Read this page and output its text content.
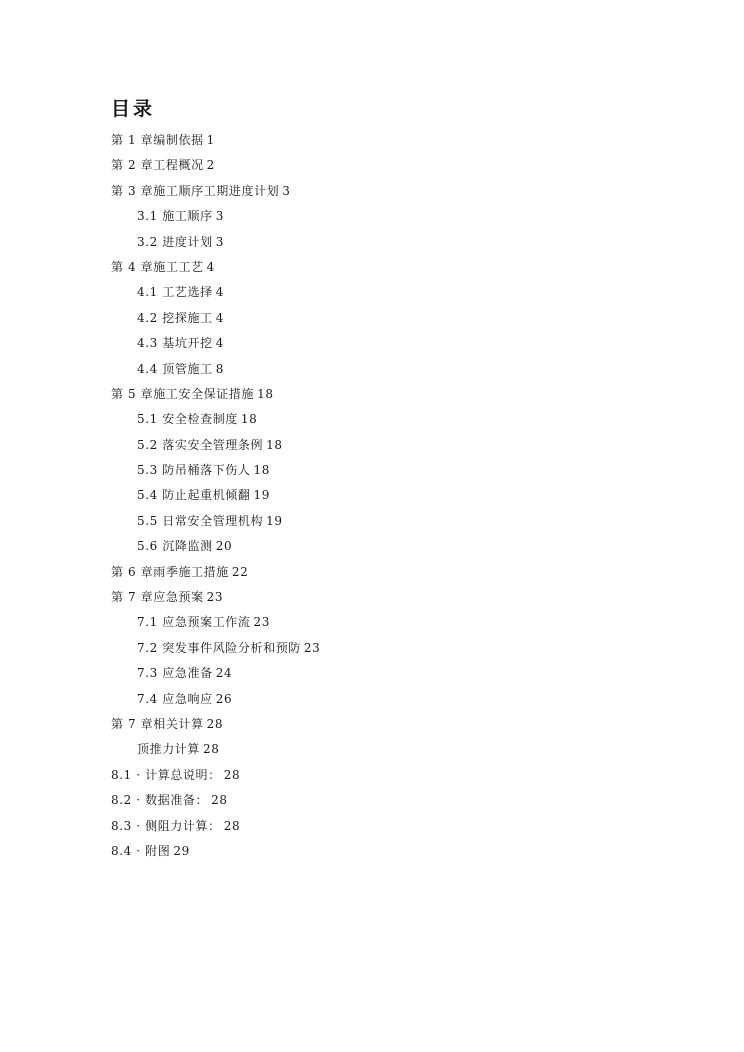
目录
第 1 章编制依据 1
第 2 章工程概况 2
第 3 章施工顺序工期进度计划 3
3.1 施工顺序 3
3.2 进度计划 3
第 4 章施工工艺 4
4.1 工艺选择 4
4.2 挖探施工 4
4.3 基坑开挖 4
4.4 顶管施工 8
第 5 章施工安全保证措施 18
5.1 安全检查制度 18
5.2 落实安全管理条例 18
5.3 防吊桶落下伤人 18
5.4 防止起重机倾翻 19
5.5 日常安全管理机构 19
5.6 沉降监测 20
第 6 章雨季施工措施 22
第 7 章应急预案 23
7.1 应急预案工作流 23
7.2 突发事件风险分析和预防 23
7.3 应急准备 24
7.4 应急响应 26
第 7 章相关计算 28
顶推力计算 28
8.1 · 计算总说明： 28
8.2 · 数据准备： 28
8.3 · 侧阻力计算： 28
8.4 · 附图 29
